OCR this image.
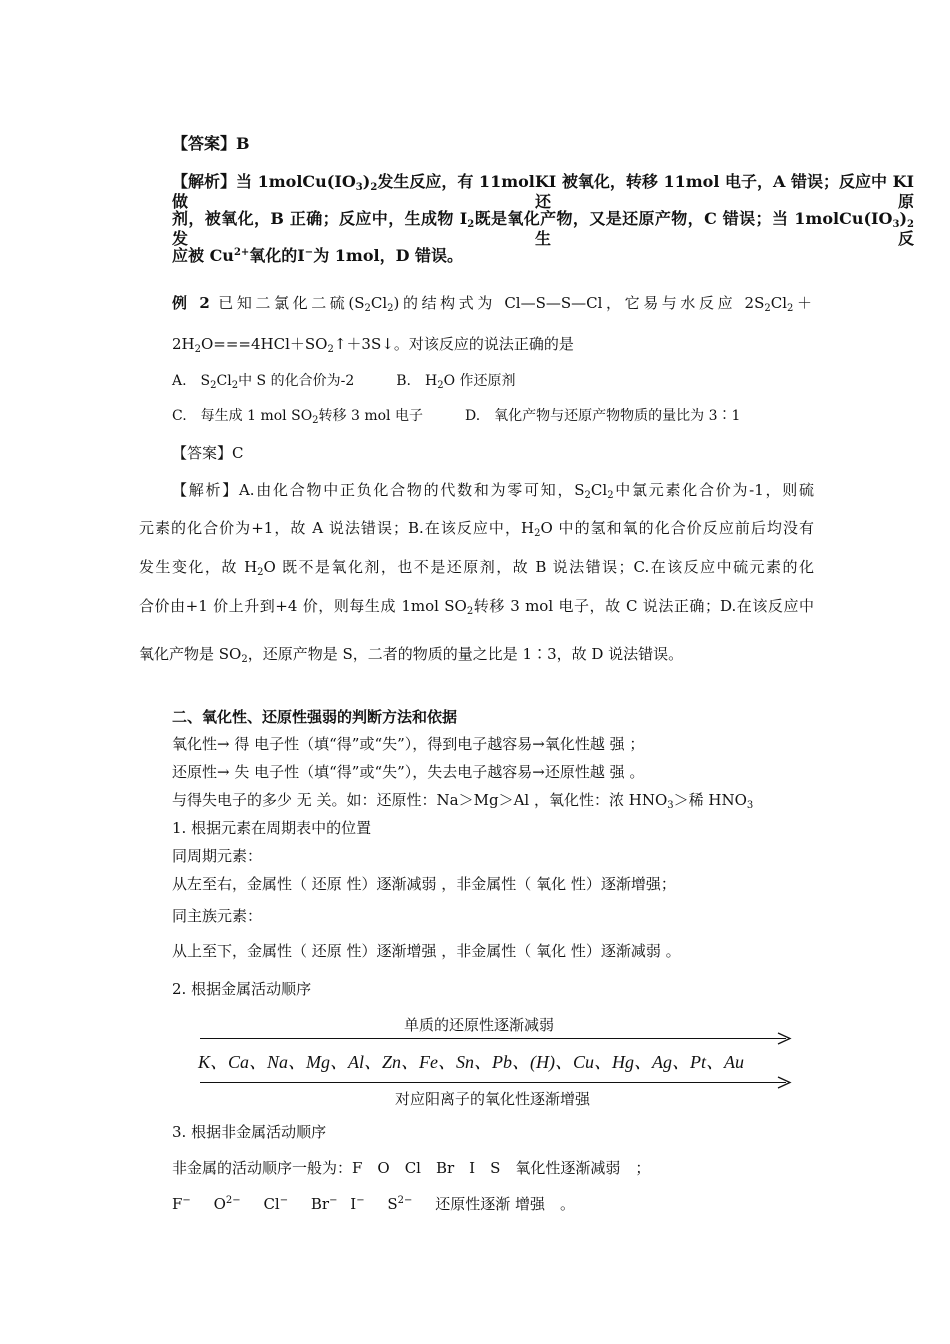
【答案】B
【解析】当 $1molCu(IO_3)_2$发生反应，有 11molKI 被氧化，转移 11mol 电子，A 错误；反应中 KI 做还原
剂，被氧化，B 正确；反应中，生成物 $I_2$既是氧化产物，又是还原产物，C 错误；当 $1molCu(IO_3)_2$发生反
应被 $Cu^{2+}$氧化的I−为 1mol，D 错误。
例 2 已知二氯化二硫$(S_2Cl_2)$的结构式为 Cl—S—S—Cl，它易与水反应 $2S_2Cl_2+$
$2H_2O===4HCl+SO_2↑+3S↓$。对该反应的说法正确的是
A.　$S_2Cl_2$中 S 的化合价为-2	B.　$H_2O$ 作还原剂
C.　每生成 1 mol $SO_2$转移 3 mol 电子	D.　氧化产物与还原产物物质的量比为 3∶1
【答案】C
【解析】A.由化合物中正负化合物的代数和为零可知，$S_2Cl_2$中氯元素化合价为-1，则硫
元素的化合价为+1，故 A 说法错误；B.在该反应中，$H_2O$ 中的氢和氧的化合价反应前后均没有
发生变化，故 $H_2O$ 既不是氧化剂，也不是还原剂，故 B 说法错误；C.在该反应中硫元素的化
合价由+1 价上升到+4 价，则每生成 1mol $SO_2$转移 3 mol 电子，故 C 说法正确；D.在该反应中
氧化产物是 $SO_2$，还原产物是 S，二者的物质的量之比是 1∶3，故 D 说法错误。
二、氧化性、还原性强弱的判断方法和依据
氧化性→ 得 电子性（填“得”或“失”），得到电子越容易→氧化性越 强 ；
还原性→ 失 电子性（填“得”或“失”），失去电子越容易→还原性越 强 。
与得失电子的多少 无 关。如：还原性：Na＞Mg＞Al ，氧化性：浓 $HNO_3>$稀 $HNO_3$
1. 根据元素在周期表中的位置
同周期元素：
从左至右，金属性（ 还原 性）逐渐减弱 ，非金属性（ 氧化 性）逐渐增强；
同主族元素：
从上至下，金属性（ 还原 性）逐渐增强 ，非金属性（ 氧化 性）逐渐减弱 。
2. 根据金属活动顺序
单质的还原性逐渐减弱
K、Ca、Na、Mg、Al、Zn、Fe、Sn、Pb、(H)、Cu、Hg、Ag、Pt、Au
对应阳离子的氧化性逐渐增强
3. 根据非金属活动顺序
非金属的活动顺序一般为：F　O　Cl　Br　I　S　氧化性逐渐减弱　；
F− $O^{2-}$ Cl− Br− I− $S^{2-}$ 还原性逐渐 增强　。
